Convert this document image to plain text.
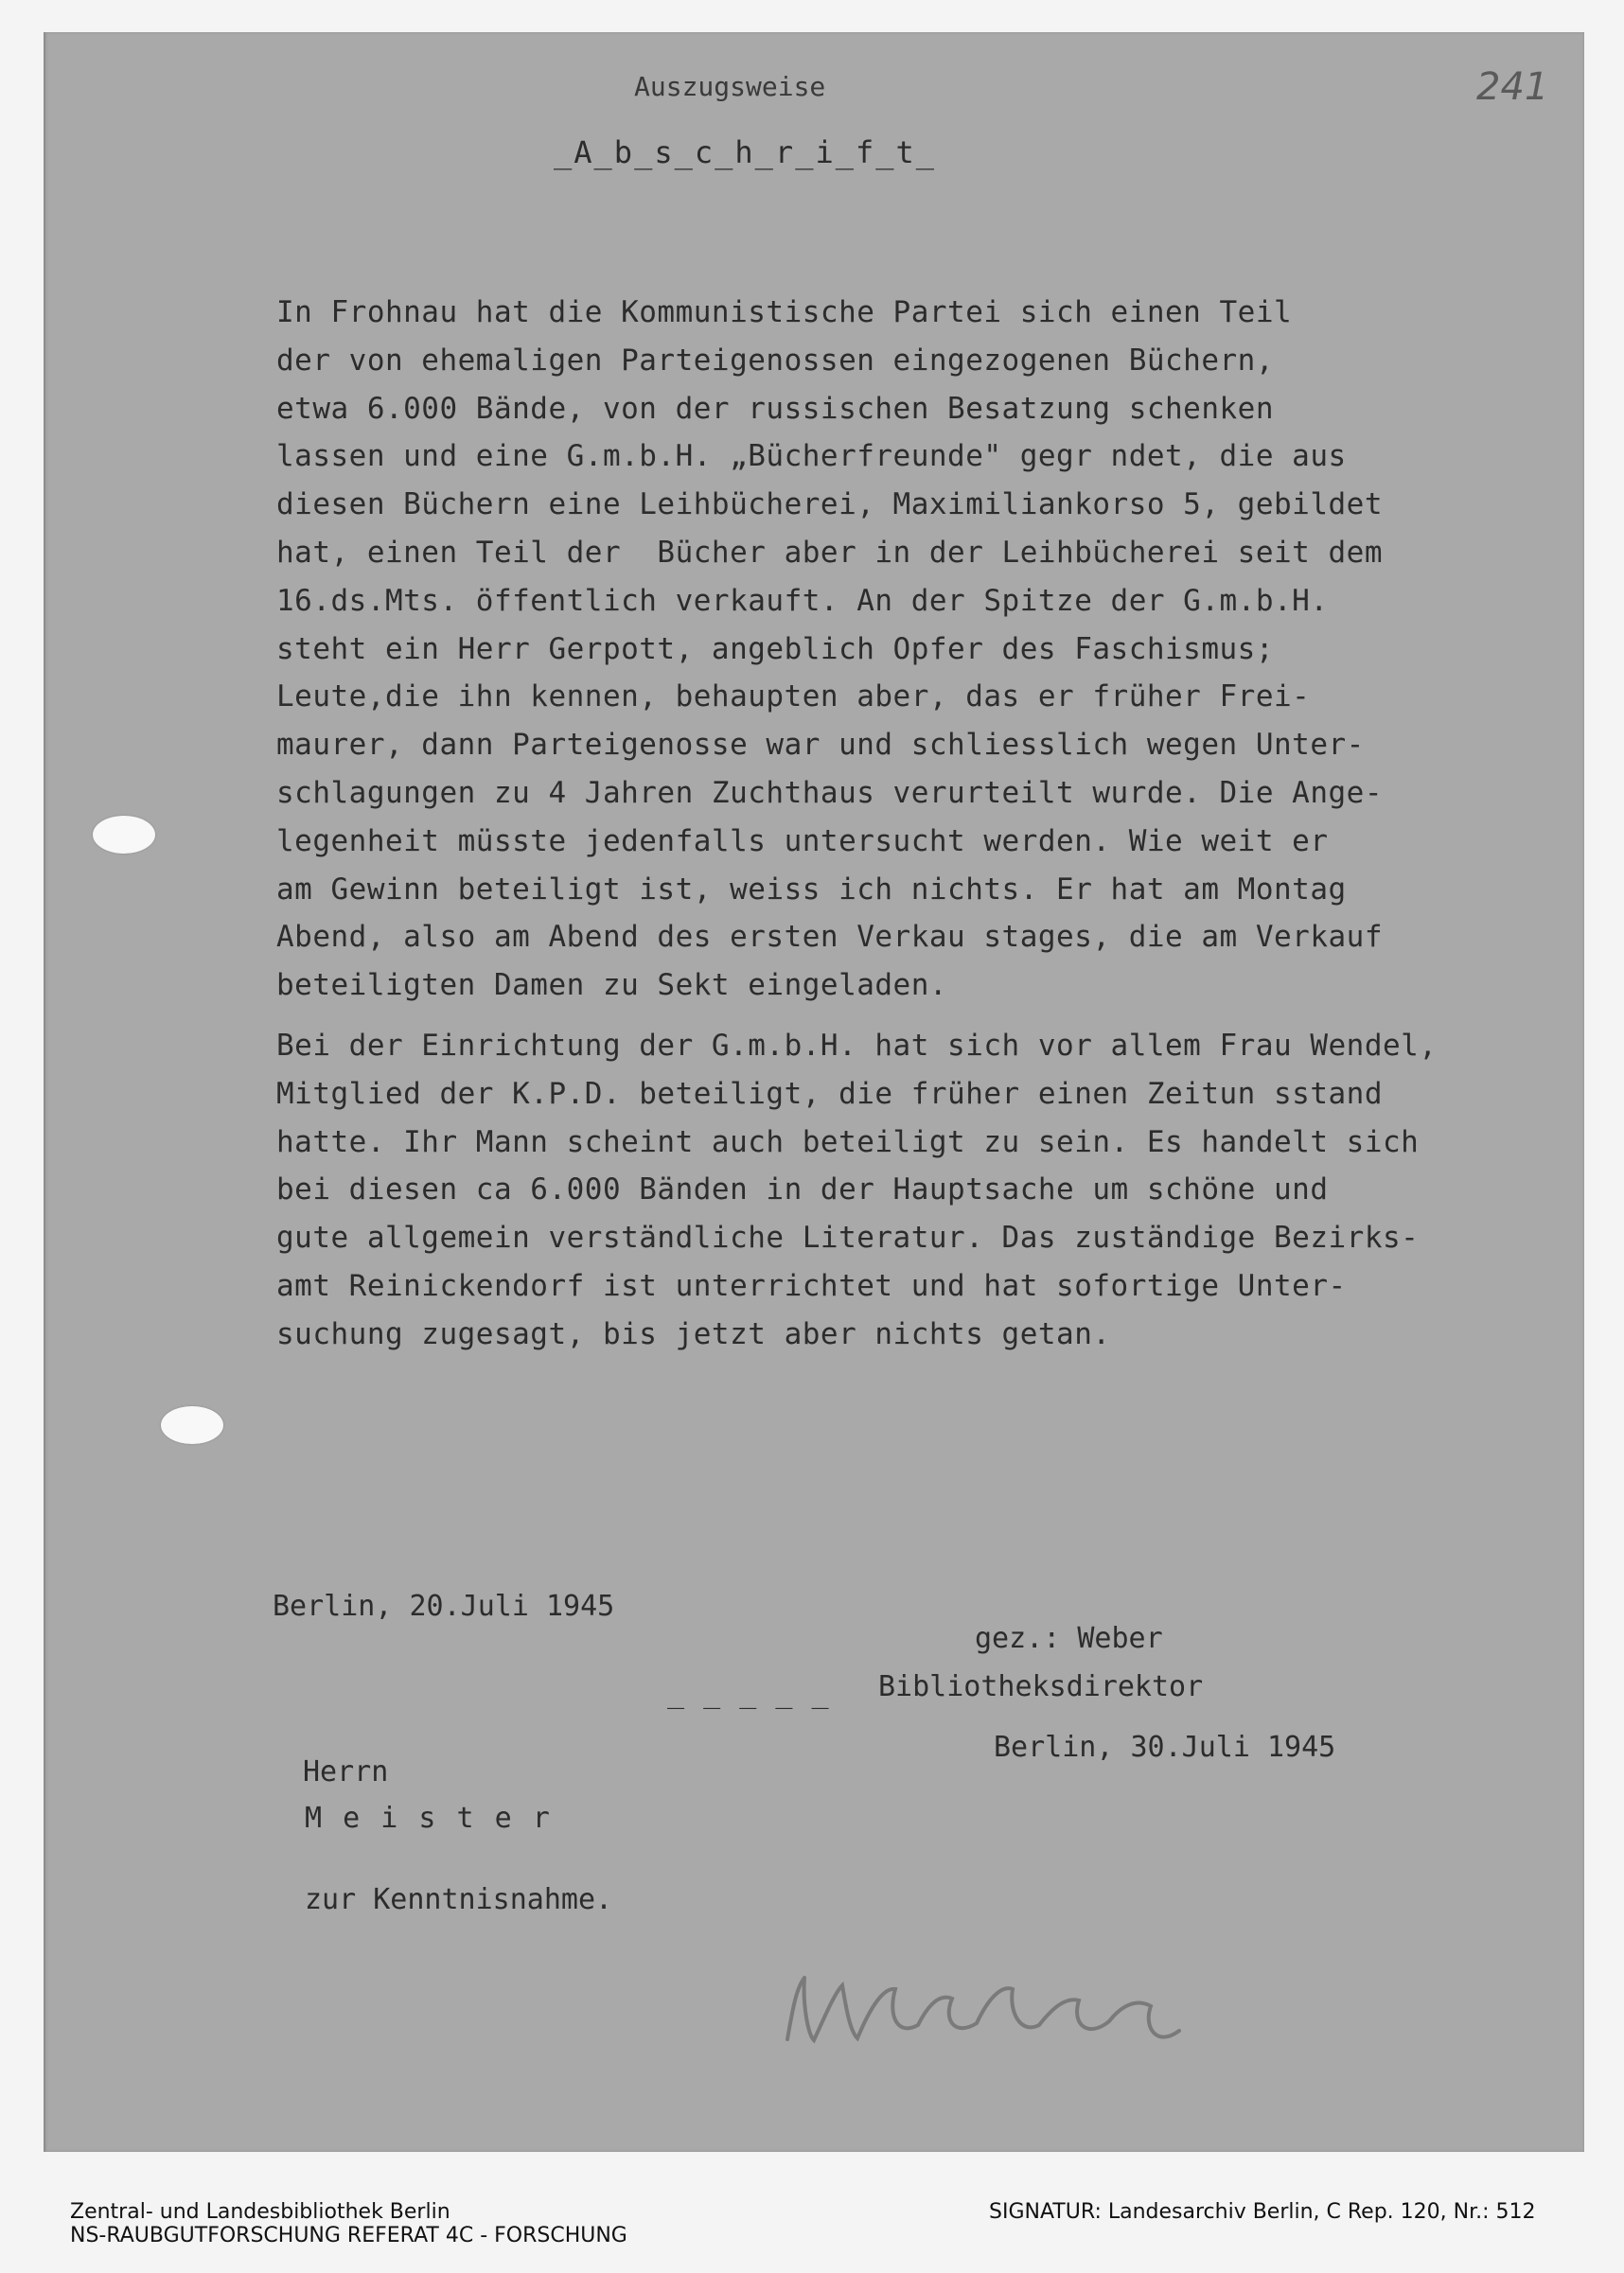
Auszugsweise
_A_b_s_c_h_r_i_f_t_
241
In Frohnau hat die Kommunistische Partei sich einen Teil
der von ehemaligen Parteigenossen eingezogenen Büchern,
etwa 6.000 Bände, von der russischen Besatzung schenken
lassen und eine G.m.b.H. „Bücherfreunde" gegr ndet, die aus
diesen Büchern eine Leihbücherei, Maximiliankorso 5, gebildet
hat, einen Teil der  Bücher aber in der Leihbücherei seit dem
16.ds.Mts. öffentlich verkauft. An der Spitze der G.m.b.H.
steht ein Herr Gerpott, angeblich Opfer des Faschismus;
Leute,die ihn kennen, behaupten aber, das er früher Frei-
maurer, dann Parteigenosse war und schliesslich wegen Unter-
schlagungen zu 4 Jahren Zuchthaus verurteilt wurde. Die Ange-
legenheit müsste jedenfalls untersucht werden. Wie weit er
am Gewinn beteiligt ist, weiss ich nichts. Er hat am Montag
Abend, also am Abend des ersten Verkau stages, die am Verkauf
beteiligten Damen zu Sekt eingeladen.
Bei der Einrichtung der G.m.b.H. hat sich vor allem Frau Wendel,
Mitglied der K.P.D. beteiligt, die früher einen Zeitun sstand
hatte. Ihr Mann scheint auch beteiligt zu sein. Es handelt sich
bei diesen ca 6.000 Bänden in der Hauptsache um schöne und
gute allgemein verständliche Literatur. Das zuständige Bezirks-
amt Reinickendorf ist unterrichtet und hat sofortige Unter-
suchung zugesagt, bis jetzt aber nichts getan.
Berlin, 20.Juli 1945
gez.: Weber
_ _ _ _ _ Bibliotheksdirektor
Berlin, 30.Juli 1945
Herrn
M e i s t e r
zur Kenntnisnahme.
Mentzberg
Zentral- und Landesbibliothek Berlin
NS-RAUBGUTFORSCHUNG REFERAT 4C - FORSCHUNG
SIGNATUR: Landesarchiv Berlin, C Rep. 120, Nr.: 512
